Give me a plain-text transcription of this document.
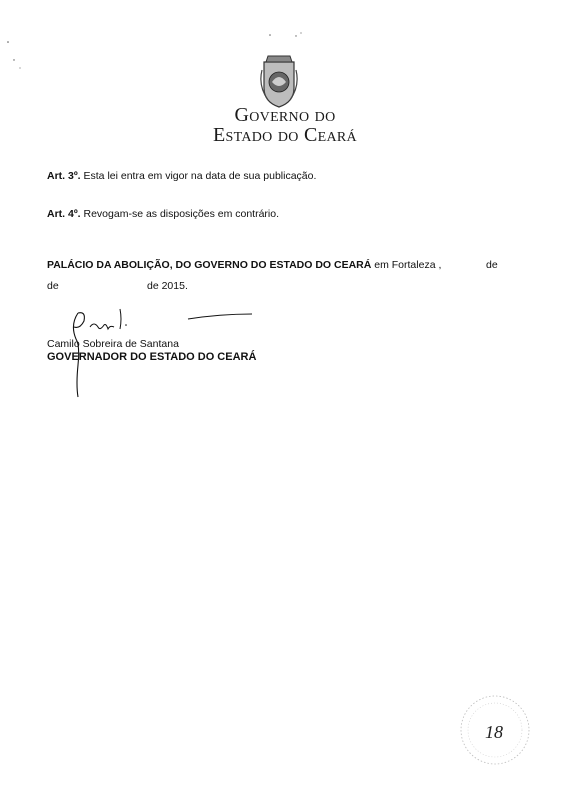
Governo do
Estado do Ceará
Art. 3º. Esta lei entra em vigor na data de sua publicação.
Art. 4º. Revogam-se as disposições em contrário.
PALÁCIO DA ABOLIÇÃO, DO GOVERNO DO ESTADO DO CEARÁ em Fortaleza ,	de
de	de 2015.
Camilo Sobreira de Santana
GOVERNADOR DO ESTADO DO CEARÁ
18
